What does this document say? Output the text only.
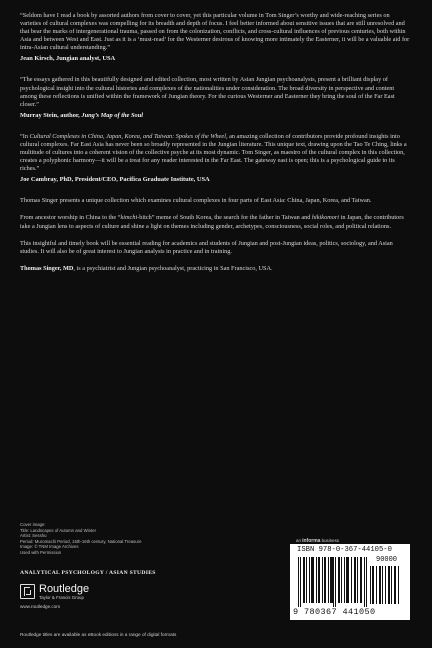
“Seldom have I read a book by assorted authors from cover to cover, yet this particular volume in Tom Singer’s worthy and wide-reaching series on varieties of cultural complexes was compelling for its breadth and depth of focus. I feel better informed about sensitive issues that are still unresolved and that bear the marks of intergenerational trauma, passed on from the colonization, conflicts, and cross-cultural influences of previous centuries, both within Asia and between West and East. Just as it is a ‘must-read’ for the Westerner desirous of knowing more intimately the Easterner, it will be a valuable aid for intra-Asian cultural understanding.”

Jean Kirsch, Jungian analyst, USA

“The essays gathered in this beautifully designed and edited collection, most written by Asian Jungian psychoanalysts, present a brilliant display of psychological insight into the cultural histories and complexes of the nationalities under consideration. The broad diversity in perspective and content among these reflections is unified within the framework of Jungian theory. For the curious Westerner and Easterner they bring the soul of the Far East closer.”

Murray Stein, author, Jung’s Map of the Soul

“In Cultural Complexes in China, Japan, Korea, and Taiwan: Spokes of the Wheel, an amazing collection of contributors provide profound insights into cultural complexes. Far East Asia has never been so broadly represented in the Jungian literature. This unique text, drawing upon the Tao Te Ching, links a multitude of cultures into a coherent vision of the collective psyche at its most dynamic. Tom Singer, as maestro of the cultural complex in this collection, creates a polyphonic harmony—it will be a treat for any reader interested in the Far East. The gateway east is open; this is a psychological guide to its riches.”

Joe Cambray, PhD, President/CEO, Pacifica Graduate Institute, USA

Thomas Singer presents a unique collection which examines cultural complexes in four parts of East Asia: China, Japan, Korea, and Taiwan.

From ancestor worship in China to the “kimchi-bitch” meme of South Korea, the search for the father in Taiwan and hikikomori in Japan, the contributors take a Jungian lens to aspects of culture and shine a light on themes including gender, archetypes, consciousness, social roles, and political relations.

This insightful and timely book will be essential reading for academics and students of Jungian and post-Jungian ideas, politics, sociology, and Asian studies. It will also be of great interest to Jungian analysts in practice and in training.

Thomas Singer, MD, is a psychiatrist and Jungian psychoanalyst, practicing in San Francisco, USA.

Cover image:
Title: Landscapes of Autumn and Winter
Artist: Sesshu
Period: Muromachi Period, 15th-16th century, National Treasure
Image: © TNM Image Archives
Used with Permission
ANALYTICAL PSYCHOLOGY / ASIAN STUDIES
Routledge
Taylor & Francis Group
www.routledge.com
Routledge titles are available as eBook editions in a range of digital formats
an informa business
ISBN 978-0-367-44105-0
90000
9 780367 441050
